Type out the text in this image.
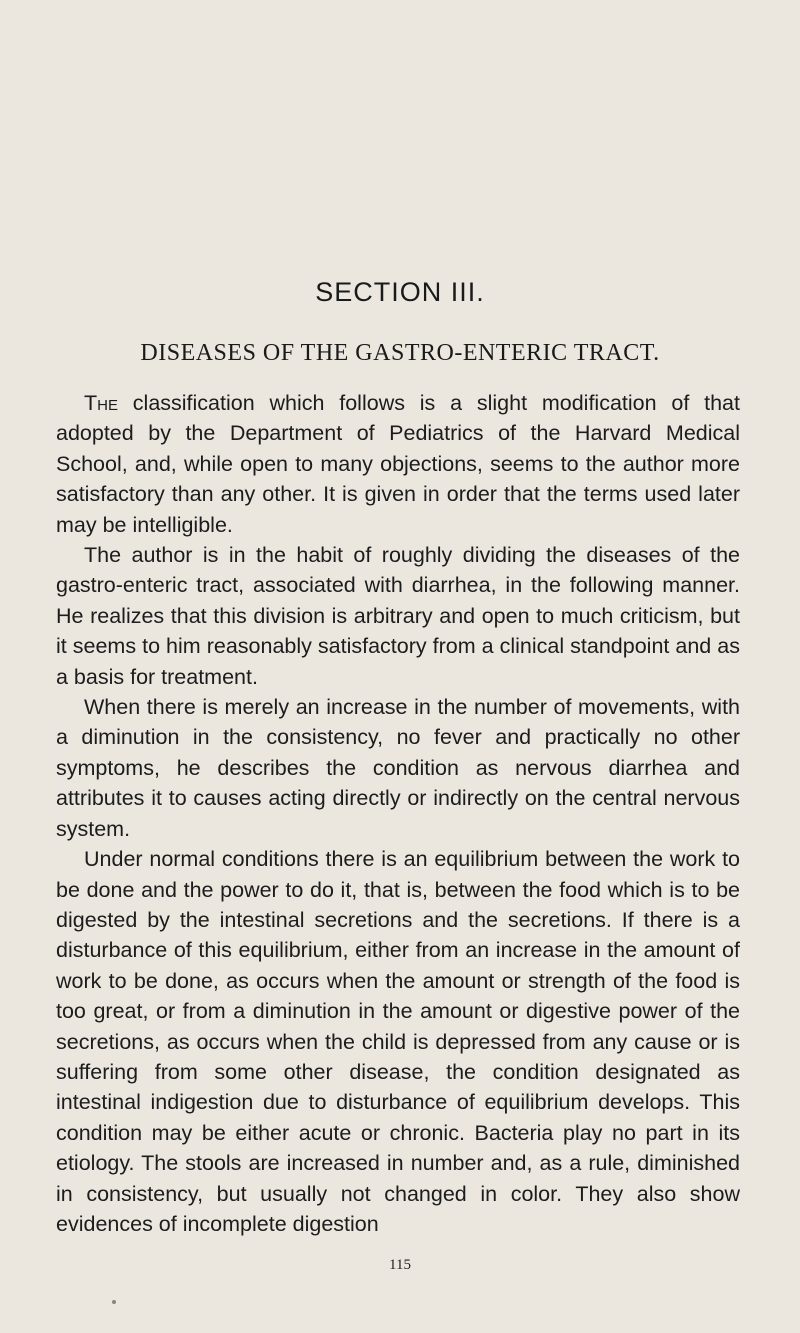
SECTION III.
DISEASES OF THE GASTRO-ENTERIC TRACT.

The classification which follows is a slight modification of that adopted by the Department of Pediatrics of the Harvard Medical School, and, while open to many objections, seems to the author more satisfactory than any other. It is given in order that the terms used later may be intelligible.

The author is in the habit of roughly dividing the diseases of the gastro-enteric tract, associated with diarrhea, in the following manner. He realizes that this division is arbitrary and open to much criticism, but it seems to him reasonably satisfactory from a clinical standpoint and as a basis for treatment.

When there is merely an increase in the number of movements, with a diminution in the consistency, no fever and practically no other symptoms, he describes the condition as nervous diarrhea and attributes it to causes acting directly or indirectly on the central nervous system.

Under normal conditions there is an equilibrium between the work to be done and the power to do it, that is, between the food which is to be digested by the intestinal secretions and the secretions. If there is a disturbance of this equilibrium, either from an increase in the amount of work to be done, as occurs when the amount or strength of the food is too great, or from a diminution in the amount or digestive power of the secretions, as occurs when the child is depressed from any cause or is suffering from some other disease, the condition designated as intestinal indigestion due to disturbance of equilibrium develops. This condition may be either acute or chronic. Bacteria play no part in its etiology. The stools are increased in number and, as a rule, diminished in consistency, but usually not changed in color. They also show evidences of incomplete digestion

115
